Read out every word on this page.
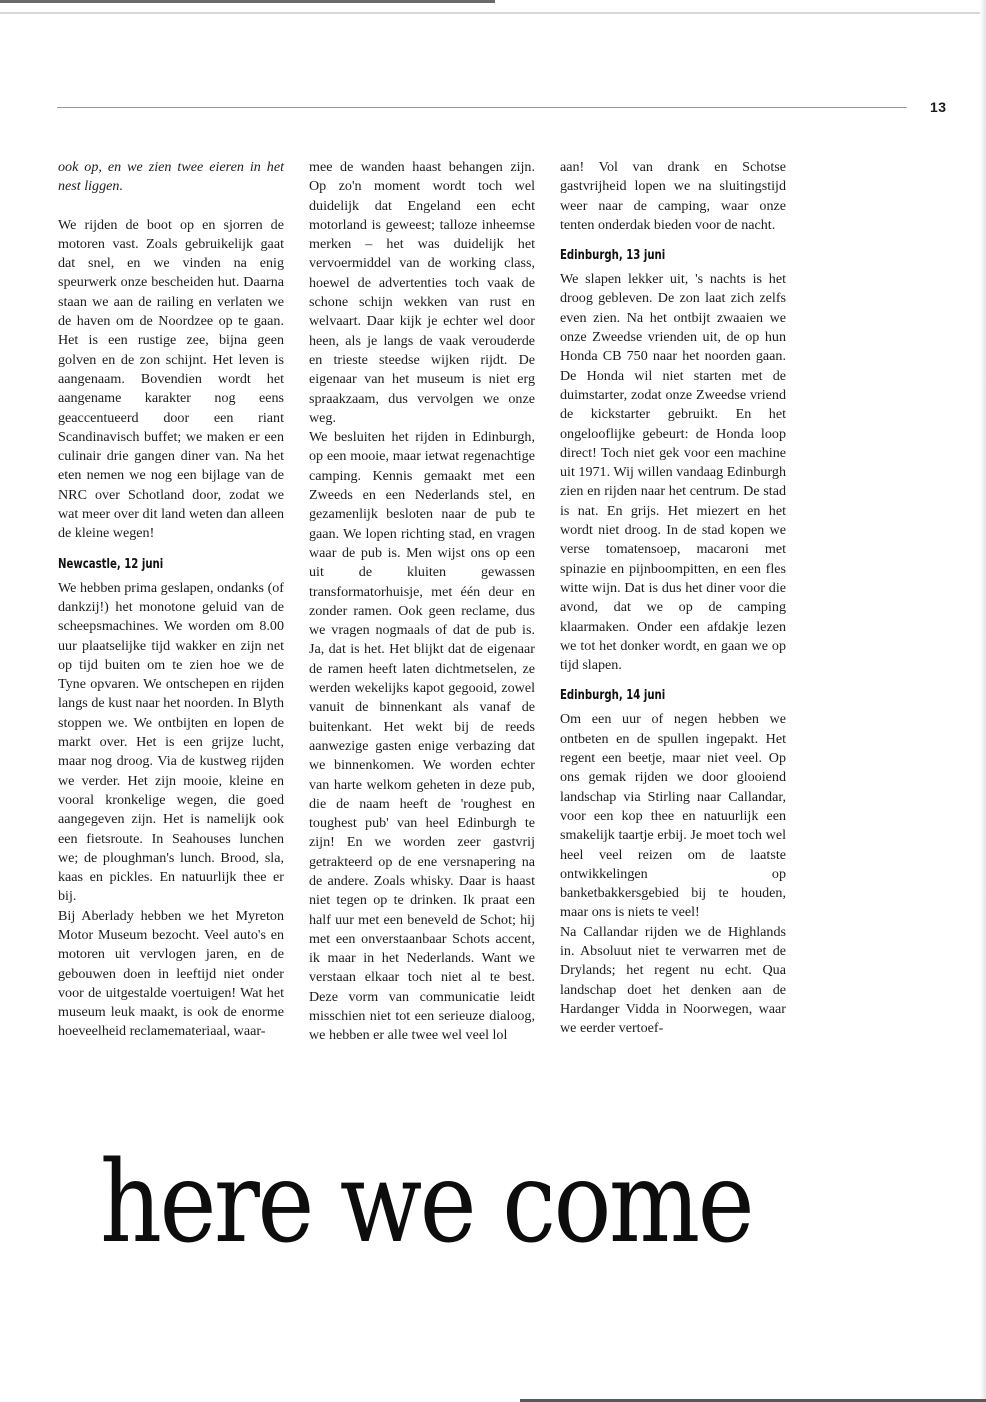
13

ook op, en we zien twee eieren in het nest liggen.

We rijden de boot op en sjorren de motoren vast. Zoals gebruikelijk gaat dat snel, en we vinden na enig speurwerk onze bescheiden hut. Daarna staan we aan de railing en verlaten we de haven om de Noordzee op te gaan. Het is een rustige zee, bijna geen golven en de zon schijnt. Het leven is aangenaam. Bovendien wordt het aangename karakter nog eens geaccentueerd door een riant Scandinavisch buffet; we maken er een culinair drie gangen diner van. Na het eten nemen we nog een bijlage van de NRC over Schotland door, zodat we wat meer over dit land weten dan alleen de kleine wegen!

Newcastle, 12 juni

We hebben prima geslapen, ondanks (of dankzij!) het monotone geluid van de scheepsmachines. We worden om 8.00 uur plaatselijke tijd wakker en zijn net op tijd buiten om te zien hoe we de Tyne opvaren. We ontschepen en rijden langs de kust naar het noorden. In Blyth stoppen we. We ontbijten en lopen de markt over. Het is een grijze lucht, maar nog droog. Via de kustweg rijden we verder. Het zijn mooie, kleine en vooral kronkelige wegen, die goed aangegeven zijn. Het is namelijk ook een fietsroute. In Seahouses lunchen we; de ploughman's lunch. Brood, sla, kaas en pickles. En natuurlijk thee er bij.

Bij Aberlady hebben we het Myreton Motor Museum bezocht. Veel auto's en motoren uit vervlogen jaren, en de gebouwen doen in leeftijd niet onder voor de uitgestalde voertuigen! Wat het museum leuk maakt, is ook de enorme hoeveelheid reclamemateriaal, waar-

mee de wanden haast behangen zijn. Op zo'n moment wordt toch wel duidelijk dat Engeland een echt motorland is geweest; talloze inheemse merken – het was duidelijk het vervoermiddel van de working class, hoewel de advertenties toch vaak de schone schijn wekken van rust en welvaart. Daar kijk je echter wel door heen, als je langs de vaak verouderde en trieste steedse wijken rijdt. De eigenaar van het museum is niet erg spraakzaam, dus vervolgen we onze weg.

We besluiten het rijden in Edinburgh, op een mooie, maar ietwat regenachtige camping. Kennis gemaakt met een Zweeds en een Nederlands stel, en gezamenlijk besloten naar de pub te gaan. We lopen richting stad, en vragen waar de pub is. Men wijst ons op een uit de kluiten gewassen transformatorhuisje, met één deur en zonder ramen. Ook geen reclame, dus we vragen nogmaals of dat de pub is. Ja, dat is het. Het blijkt dat de eigenaar de ramen heeft laten dichtmetselen, ze werden wekelijks kapot gegooid, zowel vanuit de binnenkant als vanaf de buitenkant. Het wekt bij de reeds aanwezige gasten enige verbazing dat we binnenkomen. We worden echter van harte welkom geheten in deze pub, die de naam heeft de 'roughest en toughest pub' van heel Edinburgh te zijn! En we worden zeer gastvrij getrakteerd op de ene versnapering na de andere. Zoals whisky. Daar is haast niet tegen op te drinken. Ik praat een half uur met een beneveld de Schot; hij met een onverstaanbaar Schots accent, ik maar in het Nederlands. Want we verstaan elkaar toch niet al te best. Deze vorm van communicatie leidt misschien niet tot een serieuze dialoog, we hebben er alle twee wel veel lol

aan! Vol van drank en Schotse gastvrijheid lopen we na sluitingstijd weer naar de camping, waar onze tenten onderdak bieden voor de nacht.

Edinburgh, 13 juni

We slapen lekker uit, 's nachts is het droog gebleven. De zon laat zich zelfs even zien. Na het ontbijt zwaaien we onze Zweedse vrienden uit, de op hun Honda CB 750 naar het noorden gaan. De Honda wil niet starten met de duimstarter, zodat onze Zweedse vriend de kickstarter gebruikt. En het ongelooflijke gebeurt: de Honda loop direct! Toch niet gek voor een machine uit 1971. Wij willen vandaag Edinburgh zien en rijden naar het centrum. De stad is nat. En grijs. Het miezert en het wordt niet droog. In de stad kopen we verse tomatensoep, macaroni met spinazie en pijnboompitten, en een fles witte wijn. Dat is dus het diner voor die avond, dat we op de camping klaarmaken. Onder een afdakje lezen we tot het donker wordt, en gaan we op tijd slapen.

Edinburgh, 14 juni

Om een uur of negen hebben we ontbeten en de spullen ingepakt. Het regent een beetje, maar niet veel. Op ons gemak rijden we door glooiend landschap via Stirling naar Callandar, voor een kop thee en natuurlijk een smakelijk taartje erbij. Je moet toch wel heel veel reizen om de laatste ontwikkelingen op banketbakkersgebied bij te houden, maar ons is niets te veel!

Na Callandar rijden we de Highlands in. Absoluut niet te verwarren met de Drylands; het regent nu echt. Qua landschap doet het denken aan de Hardanger Vidda in Noorwegen, waar we eerder vertoef-

here we come
